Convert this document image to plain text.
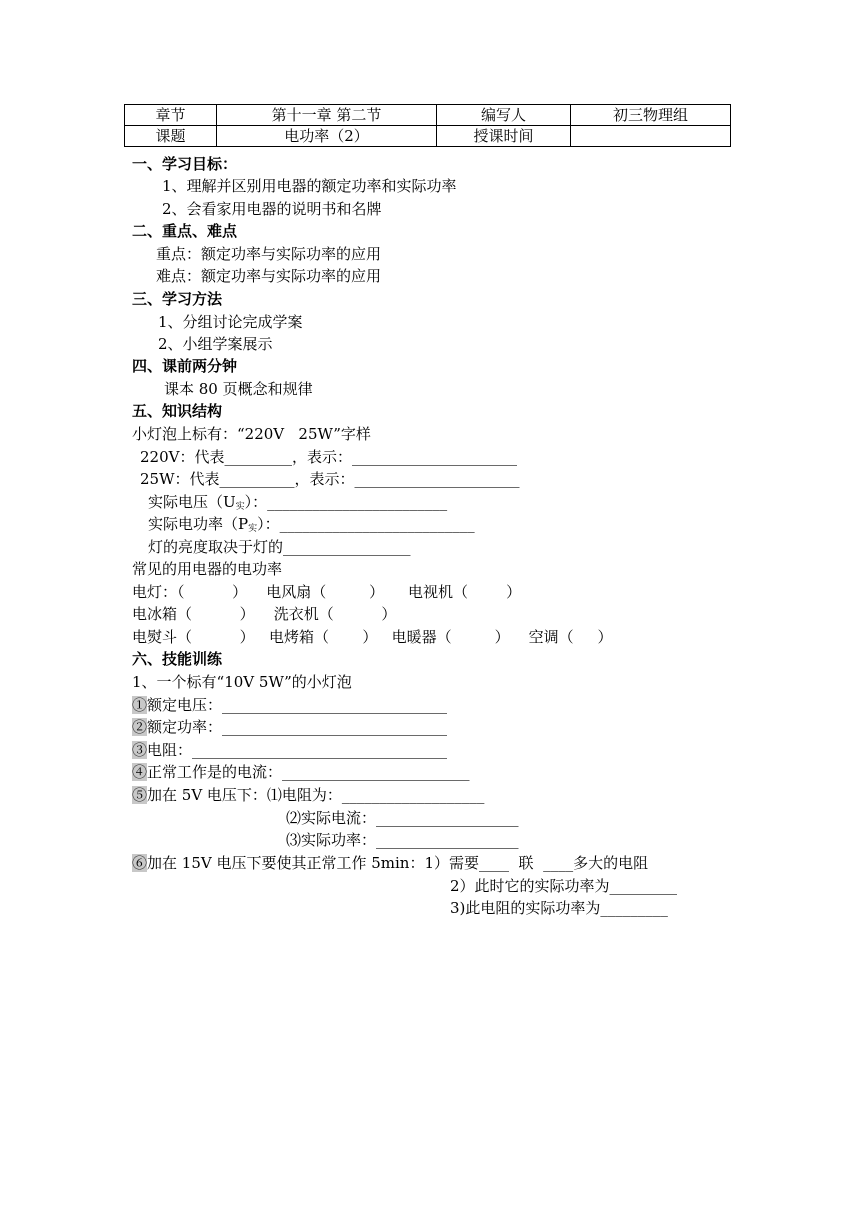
章节	第十一章 第二节	编写人	初三物理组
课题	电功率（2）	授课时间	
一、学习目标：
1、理解并区别用电器的额定功率和实际功率
2、会看家用电器的说明书和名牌
二、重点、难点
重点：额定功率与实际功率的应用
难点：额定功率与实际功率的应用
三、学习方法
1、分组讨论完成学案
2、小组学案展示
四、课前两分钟
课本 80 页概念和规律
五、知识结构
小灯泡上标有：“220V   25W”字样
220V：代表_________，表示：______________________
25W：代表__________，表示：______________________
实际电压$(U_实)$：________________________
实际电功率$(P_实)$：__________________________
灯的亮度取决于灯的_________________
常见的用电器的电功率
电灯：（          ）    电风扇（         ）     电视机（        ）
电冰箱（          ）    洗衣机（          ）
电熨斗（          ）   电烤箱（       ）   电暖器（         ）    空调（     ）
六、技能训练
1、一个标有“10V 5W”的小灯泡
①额定电压：______________________________
②额定功率：______________________________
③电阻：__________________________________
④正常工作是的电流：_________________________
⑤加在 5V 电压下：⑴电阻为：___________________
⑵实际电流：___________________
⑶实际功率：___________________
⑥加在 15V 电压下要使其正常工作 5min：1）需要____  联  ____多大的电阻
2）此时它的实际功率为_________
3)此电阻的实际功率为_________
